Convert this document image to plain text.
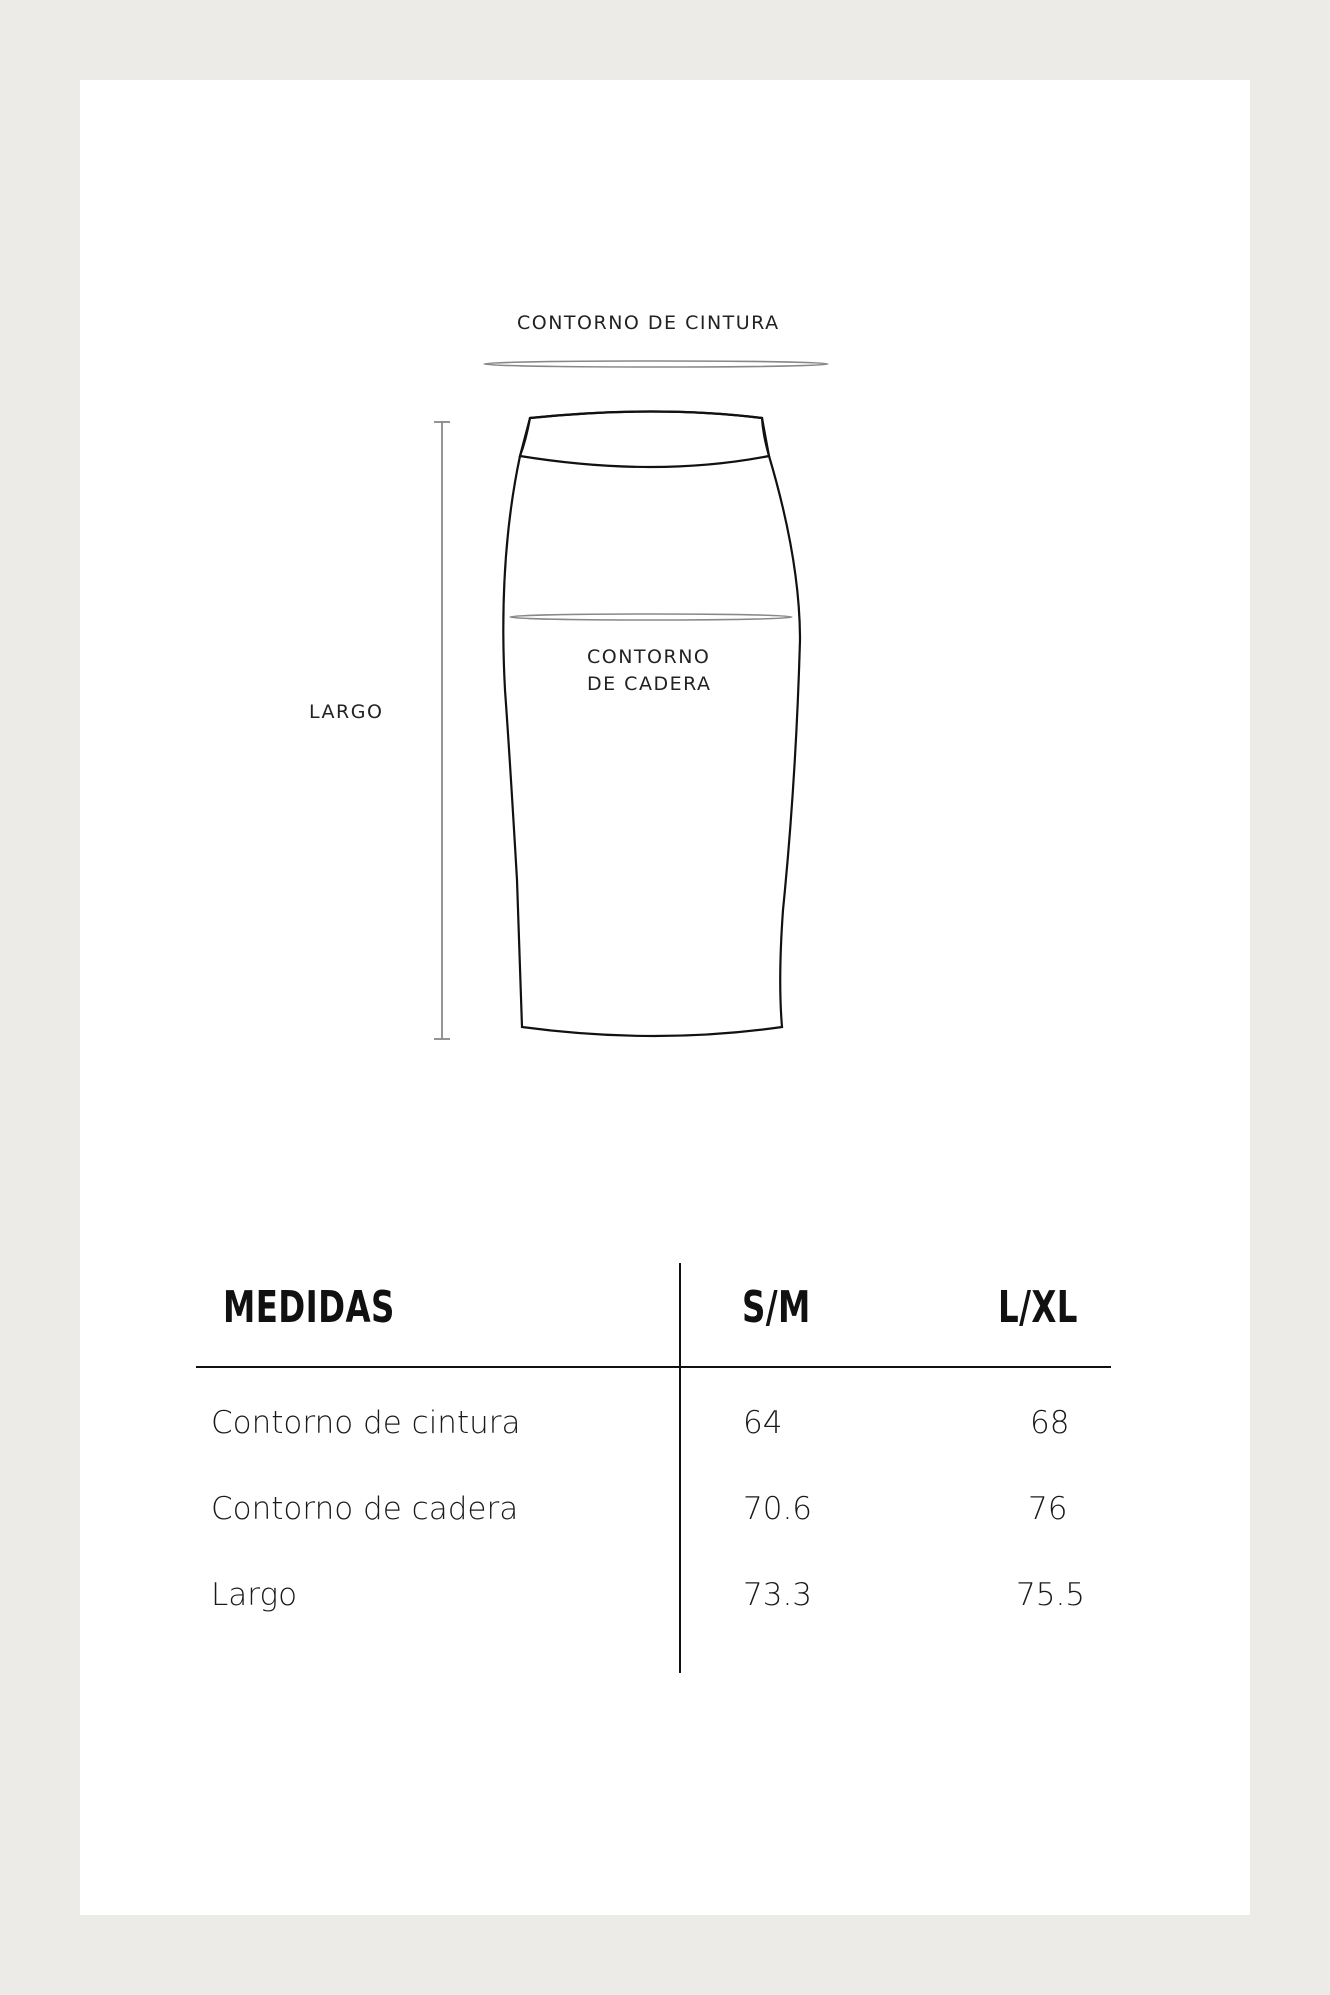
CONTORNO DE CINTURA
LARGO
MEDIDAS	S/M	L/XL
Contorno de cintura	64	68
Contorno de cadera	70.6	76
Largo	73.3	75.5
